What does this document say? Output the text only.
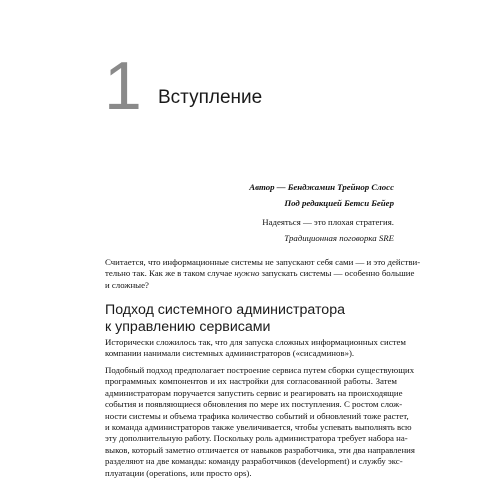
1 Вступление
Автор — Бенджамин Трейнор Слосс
Под редакцией Бетси Бейер
Надеяться — это плохая стратегия.
Традиционная поговорка SRE

Считается, что информационные системы не запускают себя сами — и это действи-
тельно так. Как же в таком случае нужно запускать системы — особенно большие
и сложные?

Подход системного администратора
к управлению сервисами

Исторически сложилось так, что для запуска сложных информационных систем
компании нанимали системных администраторов («сисадминов»).

Подобный подход предполагает построение сервиса путем сборки существующих
программных компонентов и их настройки для согласованной работы. Затем
администраторам поручается запустить сервис и реагировать на происходящие
события и появляющиеся обновления по мере их поступления. С ростом слож-
ности системы и объема трафика количество событий и обновлений тоже растет,
и команда администраторов также увеличивается, чтобы успевать выполнять всю
эту дополнительную работу. Поскольку роль администратора требует набора на-
выков, который заметно отличается от навыков разработчика, эти два направления
разделяют на две команды: команду разработчиков (development) и службу экс-
плуатации (operations, или просто ops).
